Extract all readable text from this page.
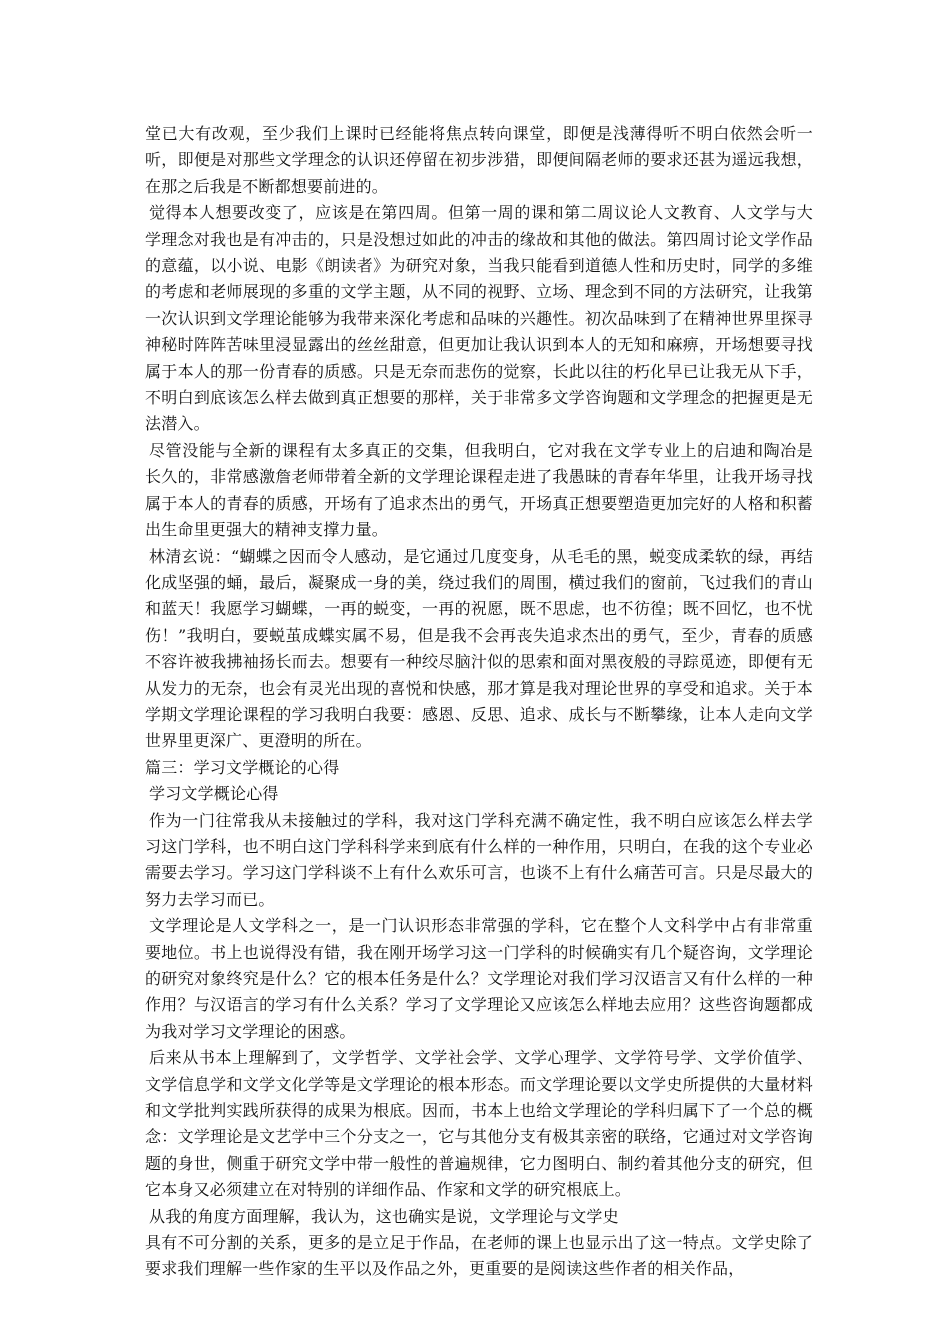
堂已大有改观，至少我们上课时已经能将焦点转向课堂，即便是浅薄得听不明白依然会听一听，即便是对那些文学理念的认识还停留在初步涉猎，即便间隔老师的要求还甚为遥远我想，在那之后我是不断都想要前进的。

觉得本人想要改变了，应该是在第四周。但第一周的课和第二周议论人文教育、人文学与大学理念对我也是有冲击的，只是没想过如此的冲击的缘故和其他的做法。第四周讨论文学作品的意蕴，以小说、电影《朗读者》为研究对象，当我只能看到道德人性和历史时，同学的多维的考虑和老师展现的多重的文学主题，从不同的视野、立场、理念到不同的方法研究，让我第一次认识到文学理论能够为我带来深化考虑和品味的兴趣性。初次品味到了在精神世界里探寻神秘时阵阵苦味里浸显露出的丝丝甜意，但更加让我认识到本人的无知和麻痹，开场想要寻找属于本人的那一份青春的质感。只是无奈而悲伤的觉察，长此以往的朽化早已让我无从下手，不明白到底该怎么样去做到真正想要的那样，关于非常多文学咨询题和文学理念的把握更是无法潜入。

尽管没能与全新的课程有太多真正的交集，但我明白，它对我在文学专业上的启迪和陶冶是长久的，非常感激詹老师带着全新的文学理论课程走进了我愚昧的青春年华里，让我开场寻找属于本人的青春的质感，开场有了追求杰出的勇气，开场真正想要塑造更加完好的人格和积蓄出生命里更强大的精神支撑力量。

林清玄说：“蝴蝶之因而令人感动，是它通过几度变身，从毛毛的黑，蜕变成柔软的绿，再结化成坚强的蛹，最后，凝聚成一身的美，绕过我们的周围，横过我们的窗前，飞过我们的青山和蓝天！我愿学习蝴蝶，一再的蜕变，一再的祝愿，既不思虑，也不彷徨；既不回忆，也不忧伤！”我明白，要蜕茧成蝶实属不易，但是我不会再丧失追求杰出的勇气，至少，青春的质感不容许被我拂袖扬长而去。想要有一种绞尽脑汁似的思索和面对黑夜般的寻踪觅迹，即便有无从发力的无奈，也会有灵光出现的喜悦和快感，那才算是我对理论世界的享受和追求。关于本学期文学理论课程的学习我明白我要：感恩、反思、追求、成长与不断攀缘，让本人走向文学世界里更深广、更澄明的所在。

篇三：学习文学概论的心得

学习文学概论心得

作为一门往常我从未接触过的学科，我对这门学科充满不确定性，我不明白应该怎么样去学习这门学科，也不明白这门学科科学来到底有什么样的一种作用，只明白，在我的这个专业必需要去学习。学习这门学科谈不上有什么欢乐可言，也谈不上有什么痛苦可言。只是尽最大的努力去学习而已。

文学理论是人文学科之一，是一门认识形态非常强的学科，它在整个人文科学中占有非常重要地位。书上也说得没有错，我在刚开场学习这一门学科的时候确实有几个疑咨询，文学理论的研究对象终究是什么？它的根本任务是什么？文学理论对我们学习汉语言又有什么样的一种作用？与汉语言的学习有什么关系？学习了文学理论又应该怎么样地去应用？这些咨询题都成为我对学习文学理论的困惑。

后来从书本上理解到了，文学哲学、文学社会学、文学心理学、文学符号学、文学价值学、文学信息学和文学文化学等是文学理论的根本形态。而文学理论要以文学史所提供的大量材料和文学批判实践所获得的成果为根底。因而，书本上也给文学理论的学科归属下了一个总的概念：文学理论是文艺学中三个分支之一，它与其他分支有极其亲密的联络，它通过对文学咨询题的身世，侧重于研究文学中带一般性的普遍规律，它力图明白、制约着其他分支的研究，但它本身又必须建立在对特别的详细作品、作家和文学的研究根底上。

从我的角度方面理解，我认为，这也确实是说，文学理论与文学史

具有不可分割的关系，更多的是立足于作品，在老师的课上也显示出了这一特点。文学史除了要求我们理解一些作家的生平以及作品之外，更重要的是阅读这些作者的相关作品，
